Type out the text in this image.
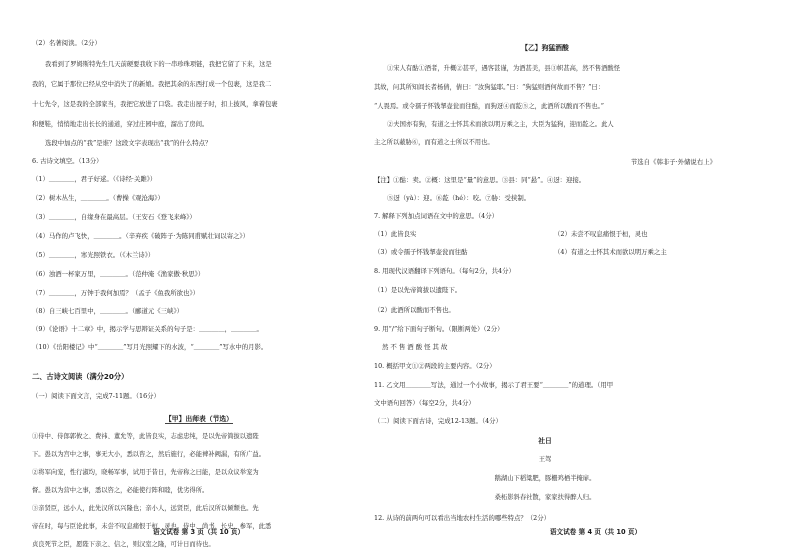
（2）名著阅读。（2分）
我看到了罗姆斯特先生几天前硬要我收下的一串珍珠项链，我把它留了下来，这是
我的，它属于那位已经从空中消失了的新娘。我把其余的东西打成一个包裹，这是我二
十七先令，这是我的全部家当，我把它放进了口袋。我走出屋子时，扣上披风，拿着包裹
和便鞋，悄悄地走出长长的通道，穿过庄园中庭，溜出了房间。
选段中加点的“我”是谁？这段文字表现出“我”的什么特点？
6. 古诗文填空。（13分）
（1）＿＿＿＿，君子好逑。（《诗经·关雎》）
（2）树木丛生，＿＿＿＿。（曹操《观沧海》）
（3）＿＿＿＿，自缘身在最高层。（王安石《登飞来峰》）
（4）马作的卢飞快，＿＿＿＿。（辛弃疾《破阵子·为陈同甫赋壮词以寄之》）
（5）＿＿＿＿，寒光照铁衣。（《木兰诗》）
（6）浊酒一杯家万里，＿＿＿＿。（范仲淹《渔家傲·秋思》）
（7）＿＿＿＿，万钟于我何加焉？（孟子《鱼我所欲也》）
（8）自三峡七百里中，＿＿＿＿。（郦道元《三峡》）
（9）《论语》十二章》中，揭示学与思辩证关系的句子是：＿＿＿＿，＿＿＿＿。
（10）《岳阳楼记》中“＿＿＿＿”写月光照耀下的水波，“＿＿＿＿”写水中的月影。
二、古诗文阅读（满分20分）
（一）阅读下面文言，完成7-11题。（16分）
【甲】出师表（节选）
①侍中、侍郎郭攸之、费祎、董允等，此皆良实，志虑忠纯，是以先帝简拔以遗陛
下。愚以为宫中之事，事无大小，悉以咨之，然后施行，必能裨补阙漏，有所广益。
②将军向宠，性行淑均，晓畅军事，试用于昔日，先帝称之曰能，是以众议举宠为
督。愚以为营中之事，悉以咨之，必能使行阵和睦，优劣得所。
③亲贤臣，远小人，此先汉所以兴隆也；亲小人，远贤臣，此后汉所以倾颓也。先
帝在时，每与臣论此事，未尝不叹息痛恨于桓、灵也。侍中、尚书、长史、参军，此悉
贞良死节之臣，愿陛下亲之、信之，则汉室之隆，可计日而待也。
语文试卷 第 3 页（共 10 页）
【乙】狗猛酒酸
①宋人有酤①酒者，升概②甚平，遇客甚谨，为酒甚美，县③帜甚高，然不售酒酸怪
其故，问其所知闾长者杨倩，倩曰：“汝狗猛耶。”曰：“狗猛则酒何故而不售？”曰：
“人畏焉。或令孺子怀钱挈壶瓮而往酤，而狗迓④而龁⑤之，此酒所以酸而不售也。”
②夫国亦有狗，有道之士怀其术而欲以明万乘之主，大臣为猛狗，迎而龁之。此人
主之所以蔽胁⑥，而有道之士所以不用也。
节选自《韩非子·外储说右上》
【注】①酤：卖。②概：这里是“量”的意思。③县：同“悬”。④迓：迎接。
⑤迓（yà）：迎。⑥龁（hé）：咬。⑦胁：受挟制。
7. 解释下列加点词语在文中的意思。（4分）
（1）此皆良实	（2）未尝不叹息痛恨于桓，灵也
（3）或令孺子怀钱挈壶瓮而往酤	（4）有道之士怀其术而欲以明万乘之主
8. 用现代汉语翻译下列语句。（每句2分，共4分）
（1）是以先帝简拔以遗陛下。
（2）此酒所以酸而不售也。
9. 用“/”给下面句子断句。（限断两处）（2分）
然 不 售 酒 酸 怪 其 故
10. 概括甲文①②两段的主要内容。（2分）
11. 乙文用＿＿＿＿写法，通过一个小故事，揭示了君王要“＿＿＿＿”的道理。（用甲
文中语句回答）（每空2分，共4分）
（二）阅读下面古诗，完成12-13题。（4分）
社日
王驾
鹅湖山下稻粱肥，豚栅鸡栖半掩扉。
桑柘影斜春社散，家家扶得醉人归。
12. 从诗的前两句可以看出当地农村生活的哪些特点？（2分）
语文试卷 第 4 页（共 10 页）
